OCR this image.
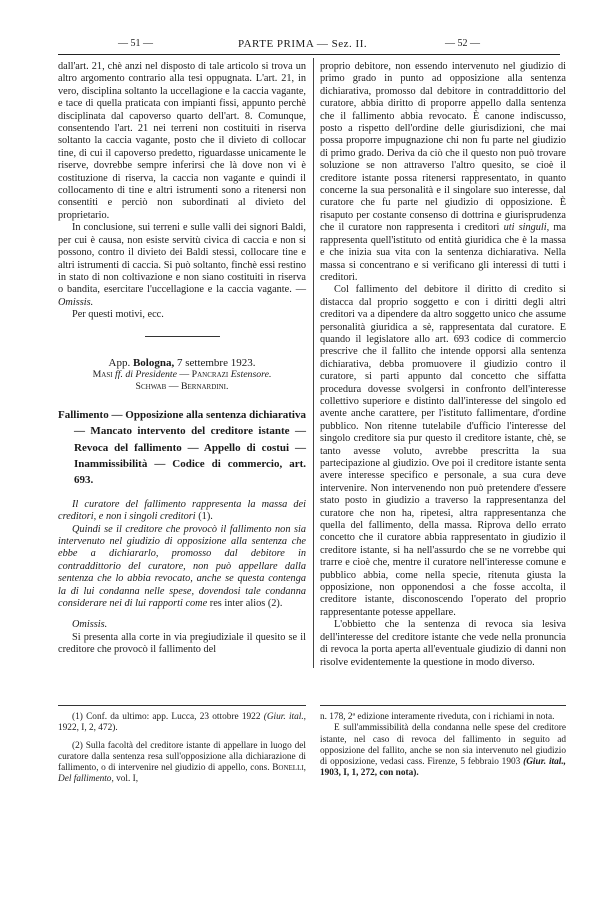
— 51 —	PARTE PRIMA — Sez. II.	— 52 —

dall'art. 21, chè anzi nel disposto di tale articolo si trova un altro argomento contrario alla tesi oppugnata. L'art. 21, in vero, disciplina soltanto la uccellagione e la caccia vagante, e tace di quella praticata con impianti fissi, appunto perchè disciplinata dal capoverso quarto dell'art. 8. Comunque, consentendo l'art. 21 nei terreni non costituiti in riserva soltanto la caccia vagante, posto che il divieto di collocar tine, di cui il capoverso predetto, riguardasse unicamente le riserve, dovrebbe sempre inferirsi che là dove non vi è costituzione di riserva, la caccia non vagante e quindi il collocamento di tine e altri istrumenti sono a ritenersi non consentiti e perciò non subordinati al divieto del proprietario.

In conclusione, sui terreni e sulle valli dei signori Baldi, per cui è causa, non esiste servitù civica di caccia e non si possono, contro il divieto dei Baldi stessi, collocare tine e altri istrumenti di caccia. Si può soltanto, finchè essi restino in stato di non coltivazione e non siano costituiti in riserva o bandita, esercitare l'uccellagione e la caccia vagante. — Omissis.

Per questi motivi, ecc.

App. Bologna, 7 settembre 1923.

Masi ff. di Presidente — Pancrazi Estensore.

Schwab — Bernardini.

Fallimento — Opposizione alla sentenza dichiarativa — Mancato intervento del creditore istante — Revoca del fallimento — Appello di costui — Inammissibilità — Codice di commercio, art. 693.

Il curatore del fallimento rappresenta la massa dei creditori, e non i singoli creditori (1).

Quindi se il creditore che provocò il fallimento non sia intervenuto nel giudizio di opposizione alla sentenza che ebbe a dichiararlo, promosso dal debitore in contraddittorio del curatore, non può appellare dalla sentenza che lo abbia revocato, anche se questa contenga la di lui condanna nelle spese, dovendosi tale condanna considerare nei di lui rapporti come res inter alios (2).

Omissis.

Si presenta alla corte in via pregiudiziale il quesito se il creditore che provocò il fallimento del

proprio debitore, non essendo intervenuto nel giudizio di primo grado in punto ad opposizione alla sentenza dichiarativa, promosso dal debitore in contraddittorio del curatore, abbia diritto di proporre appello dalla sentenza che il fallimento abbia revocato. È canone indiscusso, posto a rispetto dell'ordine delle giurisdizioni, che mai possa proporre impugnazione chi non fu parte nel giudizio di primo grado. Deriva da ciò che il questo non può trovare soluzione se non attraverso l'altro quesito, se cioè il creditore istante possa ritenersi rappresentato, in quanto concerne la sua personalità e il singolare suo interesse, dal curatore che fu parte nel giudizio di opposizione. È risaputo per costante consenso di dottrina e giurisprudenza che il curatore non rappresenta i creditori uti singuli, ma rappresenta quell'istituto od entità giuridica che è la massa e che inizia sua vita con la sentenza dichiarativa. Nella massa si concentrano e si verificano gli interessi di tutti i creditori.

Col fallimento del debitore il diritto di credito si distacca dal proprio soggetto e con i diritti degli altri creditori va a dipendere da altro soggetto unico che assume personalità giuridica a sè, rappresentata dal curatore. E quando il legislatore allo art. 693 codice di commercio prescrive che il fallito che intende opporsi alla sentenza dichiarativa, debba promuovere il giudizio contro il curatore, si parti appunto dal concetto che siffatta procedura dovesse svolgersi in confronto dell'interesse collettivo superiore e distinto dall'interesse del singolo ed avente anche carattere, per l'istituto fallimentare, d'ordine pubblico. Non ritenne tutelabile d'ufficio l'interesse del singolo creditore sia pur questo il creditore istante, chè, se tanto avesse voluto, avrebbe prescritta la sua partecipazione al giudizio. Ove poi il creditore istante senta avere interesse specifico e personale, a sua cura deve intervenire. Non intervenendo non può pretendere d'essere stato posto in giudizio a traverso la rappresentanza del curatore che non ha, ripetesi, altra rappresentanza che quella del fallimento, della massa. Riprova dello errato concetto che il curatore abbia rappresentato in giudizio il creditore istante, si ha nell'assurdo che se ne vorrebbe qui trarre e cioè che, mentre il curatore nell'interesse comune e pubblico abbia, come nella specie, ritenuta giusta la opposizione, non opponendosi a che fosse accolta, il creditore istante, disconoscendo l'operato del proprio rappresentante potesse appellare.

L'obbietto che la sentenza di revoca sia lesiva dell'interesse del creditore istante che vede nella pronuncia di revoca la porta aperta all'eventuale giudizio di danni non risolve evidentemente la questione in modo diverso.

(1) Conf. da ultimo: app. Lucca, 23 ottobre 1922 (Giur. ital., 1922, I, 2, 472).

(2) Sulla facoltà del creditore istante di appellare in luogo del curatore dalla sentenza resa sull'opposizione alla dichiarazione di fallimento, o di intervenire nel giudizio di appello, cons. Bonelli, Del fallimento, vol. I,

n. 178, 2ª edizione interamente riveduta, con i richiami in nota.

E sull'ammissibilità della condanna nelle spese del creditore istante, nel caso di revoca del fallimento in seguito ad opposizione del fallito, anche se non sia intervenuto nel giudizio di opposizione, vedasi cass. Firenze, 5 febbraio 1903 (Giur. ital., 1903, I, 1, 272, con nota).
